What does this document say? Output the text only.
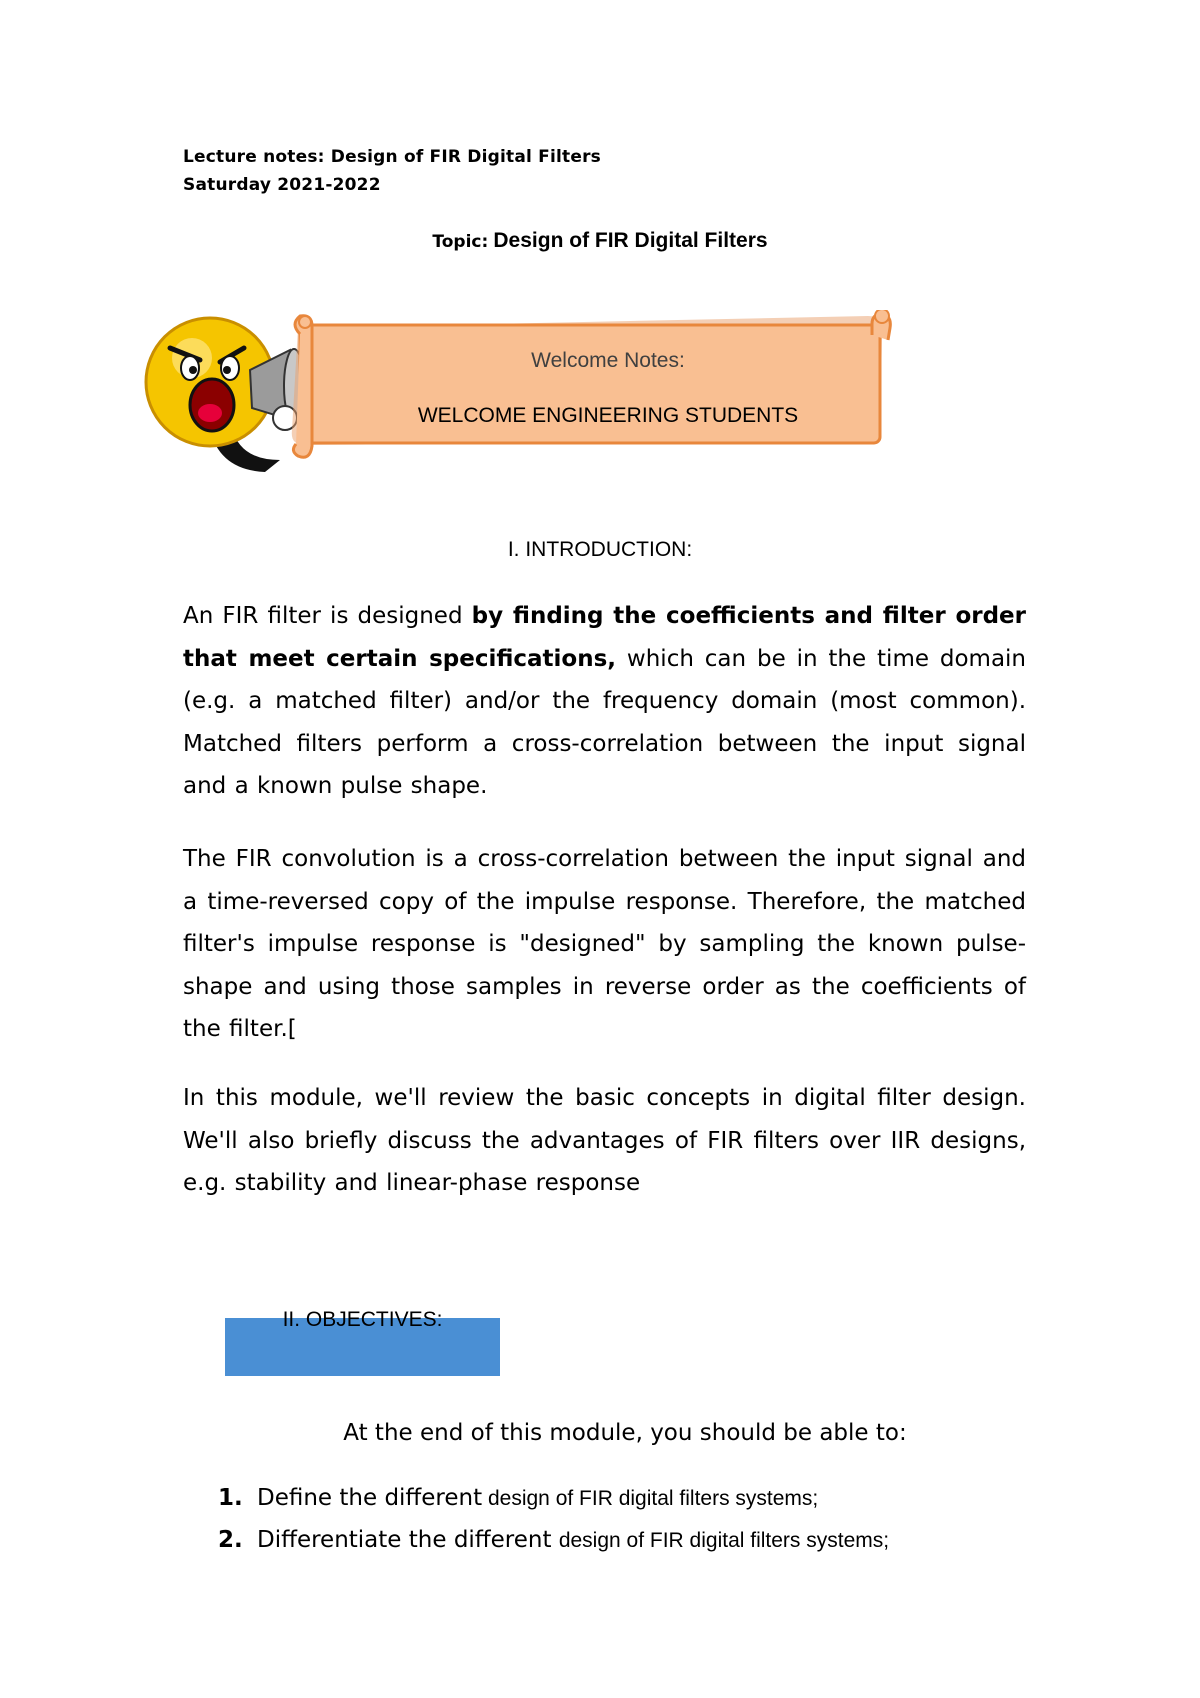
Lecture notes: Design of FIR Digital Filters
Saturday 2021-2022
Topic: Design of FIR Digital Filters
Welcome Notes:
WELCOME ENGINEERING STUDENTS
I. INTRODUCTION:
An FIR filter is designed by finding the coefficients and filter order that meet certain specifications, which can be in the time domain (e.g. a matched filter) and/or the frequency domain (most common). Matched filters perform a cross-correlation between the input signal and a known pulse shape.
The FIR convolution is a cross-correlation between the input signal and a time-reversed copy of the impulse response. Therefore, the matched filter's impulse response is "designed" by sampling the known pulse-shape and using those samples in reverse order as the coefficients of the filter.[
In this module, we'll review the basic concepts in digital filter design. We'll also briefly discuss the advantages of FIR filters over IIR designs, e.g. stability and linear-phase response
II. OBJECTIVES:
At the end of this module, you should be able to:
1. Define the different design of FIR digital filters systems;
2. Differentiate the different design of FIR digital filters systems;
